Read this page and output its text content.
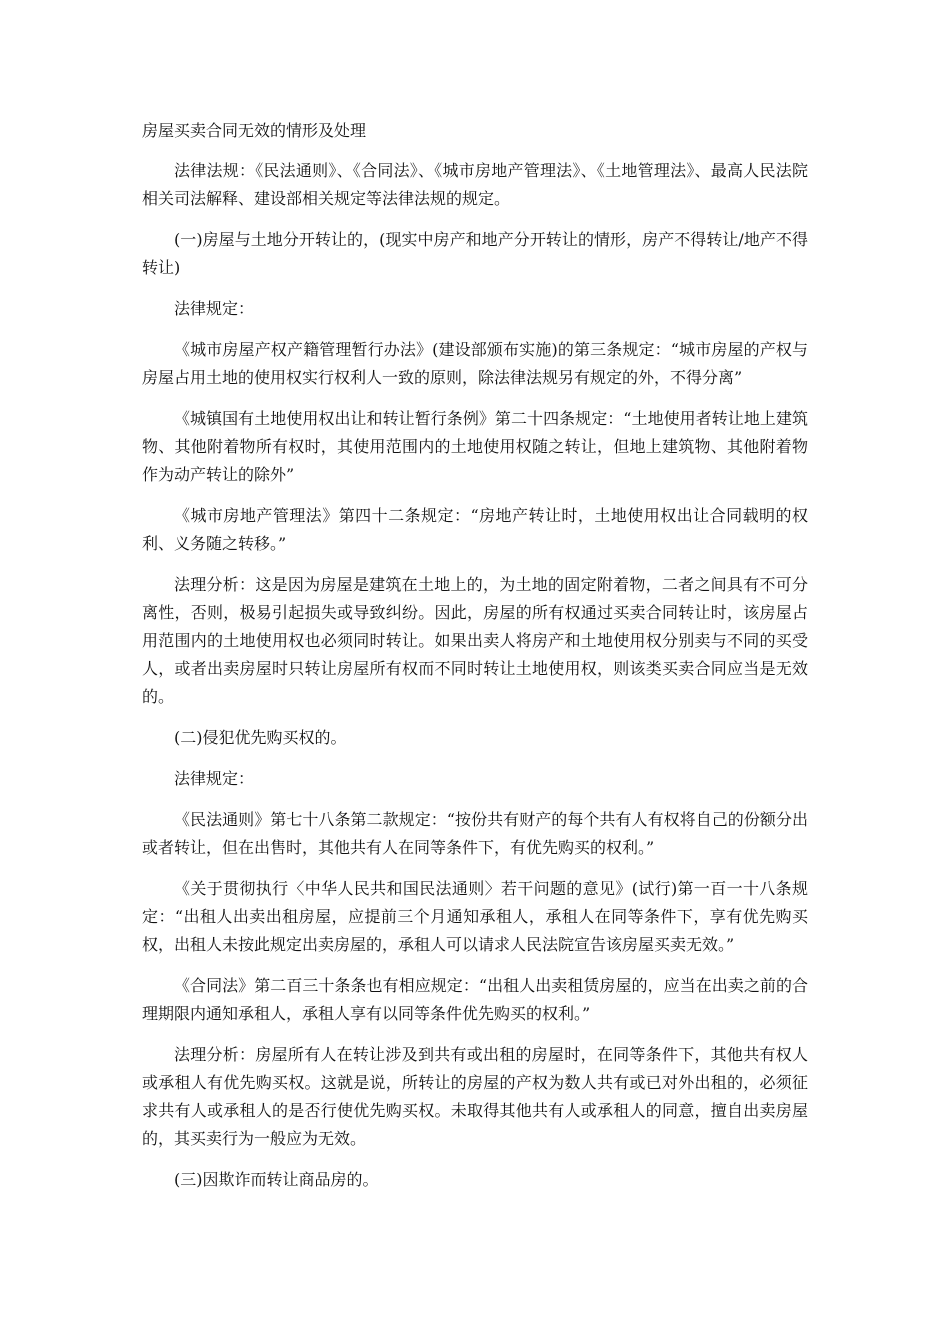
房屋买卖合同无效的情形及处理

法律法规：《民法通则》、《合同法》、《城市房地产管理法》、《土地管理法》、最高人民法院相关司法解释、建设部相关规定等法律法规的规定。

(一)房屋与土地分开转让的，(现实中房产和地产分开转让的情形，房产不得转让/地产不得转让)

法律规定：

《城市房屋产权产籍管理暂行办法》(建设部颁布实施)的第三条规定：“城市房屋的产权与房屋占用土地的使用权实行权利人一致的原则，除法律法规另有规定的外，不得分离”

《城镇国有土地使用权出让和转让暂行条例》第二十四条规定：“土地使用者转让地上建筑物、其他附着物所有权时，其使用范围内的土地使用权随之转让，但地上建筑物、其他附着物作为动产转让的除外”

《城市房地产管理法》第四十二条规定：“房地产转让时，土地使用权出让合同载明的权利、义务随之转移。”

法理分析：这是因为房屋是建筑在土地上的，为土地的固定附着物，二者之间具有不可分离性，否则，极易引起损失或导致纠纷。因此，房屋的所有权通过买卖合同转让时，该房屋占用范围内的土地使用权也必须同时转让。如果出卖人将房产和土地使用权分别卖与不同的买受人，或者出卖房屋时只转让房屋所有权而不同时转让土地使用权，则该类买卖合同应当是无效的。

(二)侵犯优先购买权的。

法律规定：

《民法通则》第七十八条第二款规定：“按份共有财产的每个共有人有权将自己的份额分出或者转让，但在出售时，其他共有人在同等条件下，有优先购买的权利。”

《关于贯彻执行〈中华人民共和国民法通则〉若干问题的意见》(试行)第一百一十八条规定：“出租人出卖出租房屋，应提前三个月通知承租人，承租人在同等条件下，享有优先购买权，出租人未按此规定出卖房屋的，承租人可以请求人民法院宣告该房屋买卖无效。”

《合同法》第二百三十条条也有相应规定：“出租人出卖租赁房屋的，应当在出卖之前的合理期限内通知承租人，承租人享有以同等条件优先购买的权利。”

法理分析：房屋所有人在转让涉及到共有或出租的房屋时，在同等条件下，其他共有权人或承租人有优先购买权。这就是说，所转让的房屋的产权为数人共有或已对外出租的，必须征求共有人或承租人的是否行使优先购买权。未取得其他共有人或承租人的同意，擅自出卖房屋的，其买卖行为一般应为无效。

(三)因欺诈而转让商品房的。
